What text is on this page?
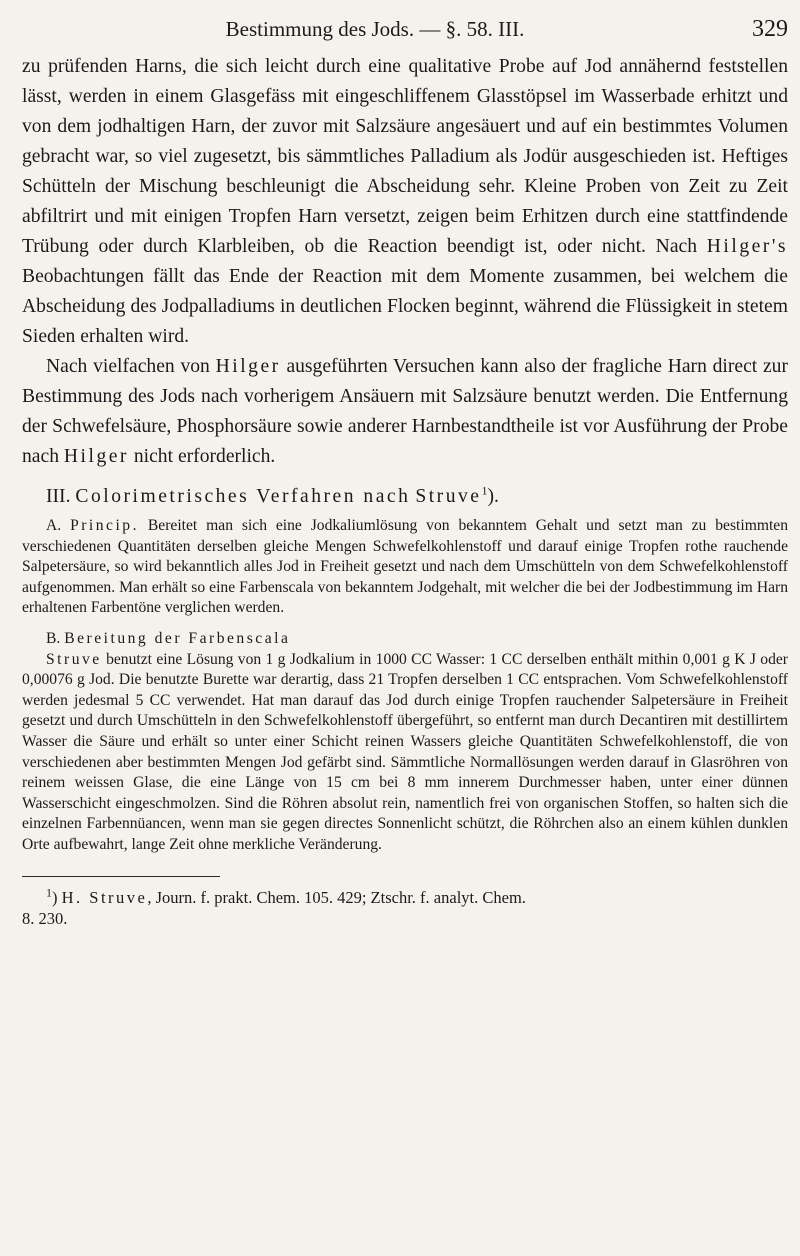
Bestimmung des Jods. — §. 58. III.	329

zu prüfenden Harns, die sich leicht durch eine qualitative Probe auf Jod annähernd feststellen lässt, werden in einem Glasgefäss mit eingeschliffenem Glasstöpsel im Wasserbade erhitzt und von dem jodhaltigen Harn, der zuvor mit Salzsäure angesäuert und auf ein bestimmtes Volumen gebracht war, so viel zugesetzt, bis sämmtliches Palladium als Jodür ausgeschieden ist. Heftiges Schütteln der Mischung beschleunigt die Abscheidung sehr. Kleine Proben von Zeit zu Zeit abfiltrirt und mit einigen Tropfen Harn versetzt, zeigen beim Erhitzen durch eine stattfindende Trübung oder durch Klarbleiben, ob die Reaction beendigt ist, oder nicht. Nach Hilger's Beobachtungen fällt das Ende der Reaction mit dem Momente zusammen, bei welchem die Abscheidung des Jodpalladiums in deutlichen Flocken beginnt, während die Flüssigkeit in stetem Sieden erhalten wird.

Nach vielfachen von Hilger ausgeführten Versuchen kann also der fragliche Harn direct zur Bestimmung des Jods nach vorherigem Ansäuern mit Salzsäure benutzt werden. Die Entfernung der Schwefelsäure, Phosphorsäure sowie anderer Harnbestandtheile ist vor Ausführung der Probe nach Hilger nicht erforderlich.

III. Colorimetrisches Verfahren nach Struve$^1$).

A. Princip. Bereitet man sich eine Jodkaliumlösung von bekanntem Gehalt und setzt man zu bestimmten verschiedenen Quantitäten derselben gleiche Mengen Schwefelkohlenstoff und darauf einige Tropfen rothe rauchende Salpetersäure, so wird bekanntlich alles Jod in Freiheit gesetzt und nach dem Umschütteln von dem Schwefelkohlenstoff aufgenommen. Man erhält so eine Farbenscala von bekanntem Jodgehalt, mit welcher die bei der Jodbestimmung im Harn erhaltenen Farbentöne verglichen werden.

B. Bereitung der Farbenscala

Struve benutzt eine Lösung von 1 g Jodkalium in 1000 CC Wasser: 1 CC derselben enthält mithin 0,001 g K J oder 0,00076 g Jod. Die benutzte Burette war derartig, dass 21 Tropfen derselben 1 CC entsprachen. Vom Schwefelkohlenstoff werden jedesmal 5 CC verwendet. Hat man darauf das Jod durch einige Tropfen rauchender Salpetersäure in Freiheit gesetzt und durch Umschütteln in den Schwefelkohlenstoff übergeführt, so entfernt man durch Decantiren mit destillirtem Wasser die Säure und erhält so unter einer Schicht reinen Wassers gleiche Quantitäten Schwefelkohlenstoff, die von verschiedenen aber bestimmten Mengen Jod gefärbt sind. Sämmtliche Normallösungen werden darauf in Glasröhren von reinem weissen Glase, die eine Länge von 15 cm bei 8 mm innerem Durchmesser haben, unter einer dünnen Wasserschicht eingeschmolzen. Sind die Röhren absolut rein, namentlich frei von organischen Stoffen, so halten sich die einzelnen Farbennüancen, wenn man sie gegen directes Sonnenlicht schützt, die Röhrchen also an einem kühlen dunklen Orte aufbewahrt, lange Zeit ohne merkliche Veränderung.

$^1$) H. Struve, Journ. f. prakt. Chem. 105. 429; Ztschr. f. analyt. Chem.
8. 230.
